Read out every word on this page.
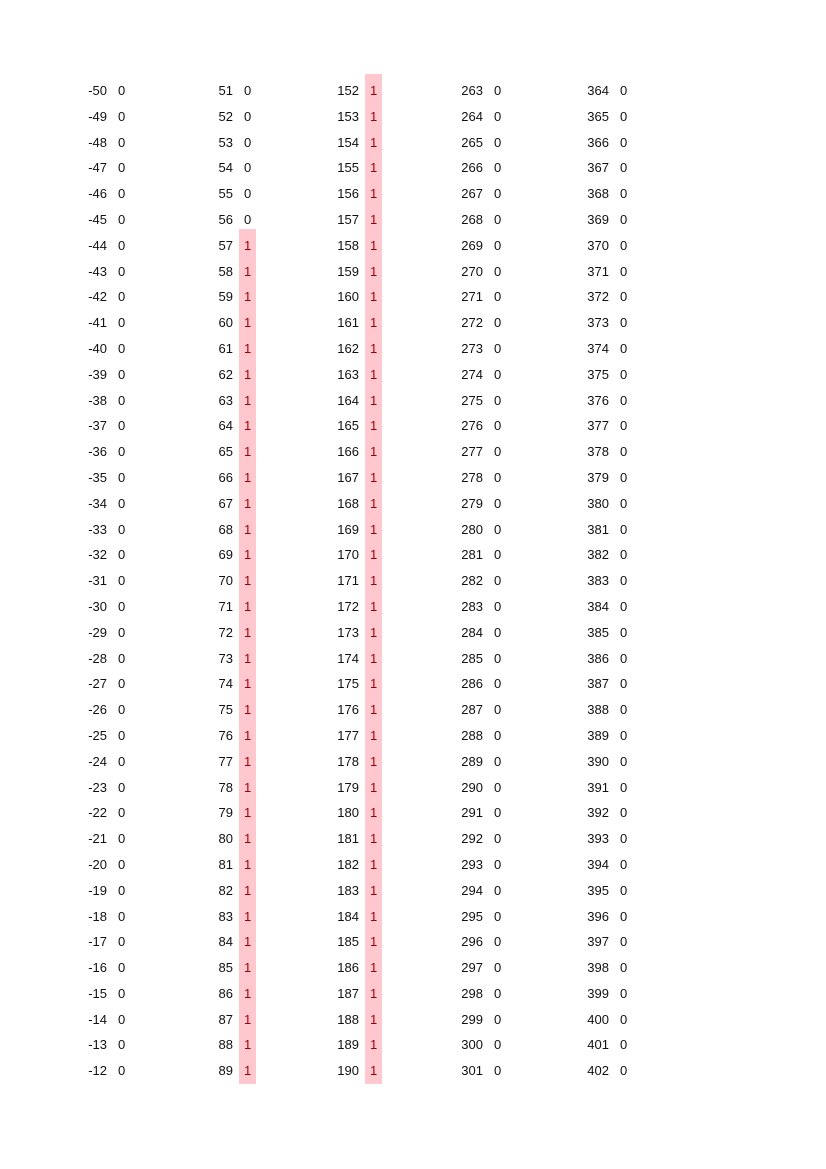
-50 0
-49 0
-48 0
-47 0
-46 0
-45 0
-44 0
-43 0
-42 0
-41 0
-40 0
-39 0
-38 0
-37 0
-36 0
-35 0
-34 0
-33 0
-32 0
-31 0
-30 0
-29 0
-28 0
-27 0
-26 0
-25 0
-24 0
-23 0
-22 0
-21 0
-20 0
-19 0
-18 0
-17 0
-16 0
-15 0
-14 0
-13 0
-12 0
51 0
52 0
53 0
54 0
55 0
56 0
57 1
58 1
59 1
60 1
61 1
62 1
63 1
64 1
65 1
66 1
67 1
68 1
69 1
70 1
71 1
72 1
73 1
74 1
75 1
76 1
77 1
78 1
79 1
80 1
81 1
82 1
83 1
84 1
85 1
86 1
87 1
88 1
89 1
152 1
153 1
154 1
155 1
156 1
157 1
158 1
159 1
160 1
161 1
162 1
163 1
164 1
165 1
166 1
167 1
168 1
169 1
170 1
171 1
172 1
173 1
174 1
175 1
176 1
177 1
178 1
179 1
180 1
181 1
182 1
183 1
184 1
185 1
186 1
187 1
188 1
189 1
190 1
263 0
264 0
265 0
266 0
267 0
268 0
269 0
270 0
271 0
272 0
273 0
274 0
275 0
276 0
277 0
278 0
279 0
280 0
281 0
282 0
283 0
284 0
285 0
286 0
287 0
288 0
289 0
290 0
291 0
292 0
293 0
294 0
295 0
296 0
297 0
298 0
299 0
300 0
301 0
364 0
365 0
366 0
367 0
368 0
369 0
370 0
371 0
372 0
373 0
374 0
375 0
376 0
377 0
378 0
379 0
380 0
381 0
382 0
383 0
384 0
385 0
386 0
387 0
388 0
389 0
390 0
391 0
392 0
393 0
394 0
395 0
396 0
397 0
398 0
399 0
400 0
401 0
402 0
